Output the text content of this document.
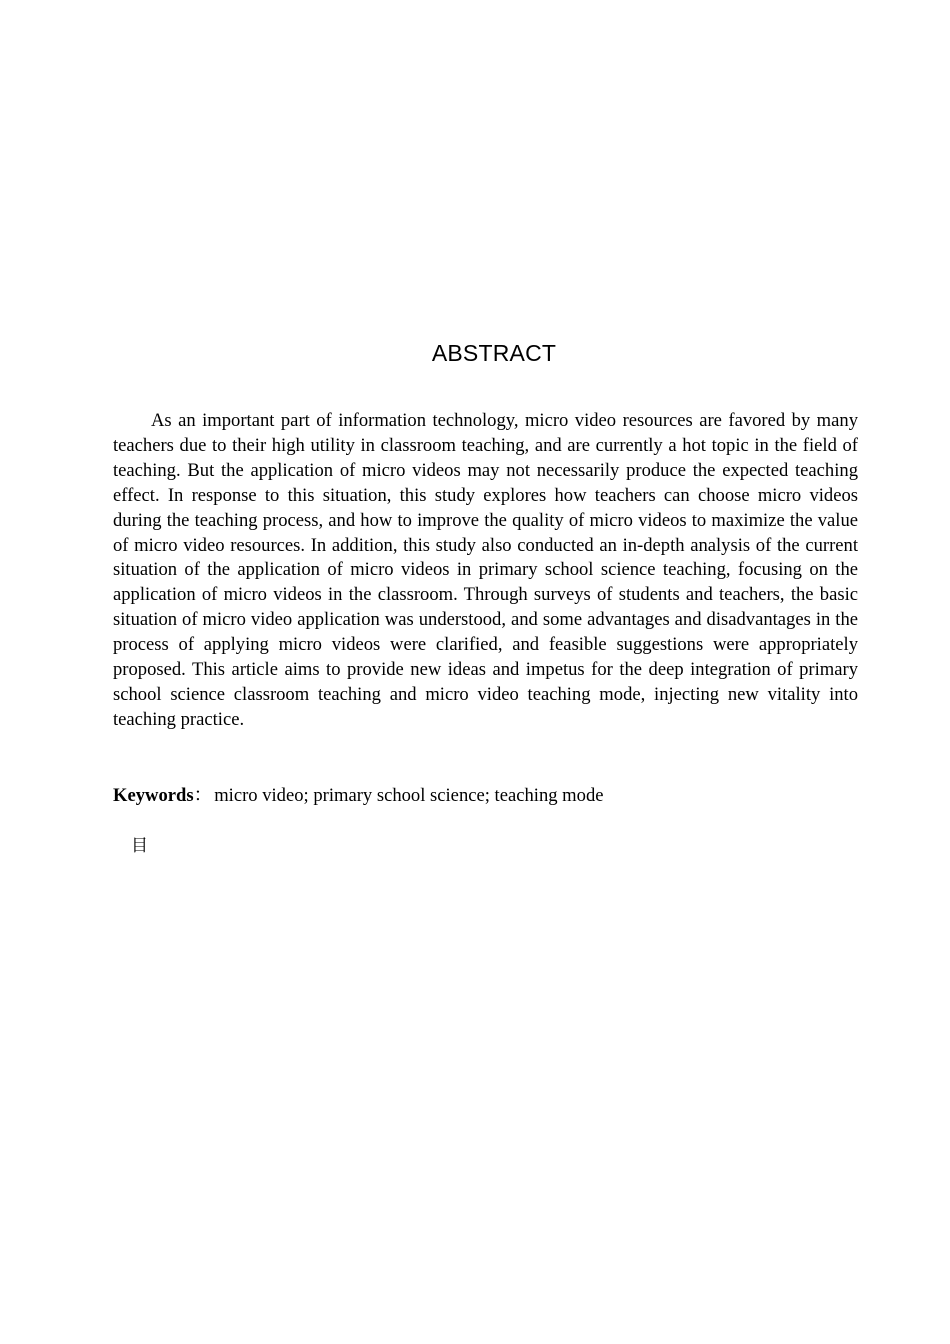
ABSTRACT

As an important part of information technology, micro video resources are favored by many teachers due to their high utility in classroom teaching, and are currently a hot topic in the field of teaching. But the application of micro videos may not necessarily produce the expected teaching effect. In response to this situation, this study explores how teachers can choose micro videos during the teaching process, and how to improve the quality of micro videos to maximize the value of micro video resources. In addition, this study also conducted an in-depth analysis of the current situation of the application of micro videos in primary school science teaching, focusing on the application of micro videos in the classroom. Through surveys of students and teachers, the basic situation of micro video application was understood, and some advantages and disadvantages in the process of applying micro videos were clarified, and feasible suggestions were appropriately proposed. This article aims to provide new ideas and impetus for the deep integration of primary school science classroom teaching and micro video teaching mode, injecting new vitality into teaching practice.

Keywords： micro video; primary school science; teaching mode
目
